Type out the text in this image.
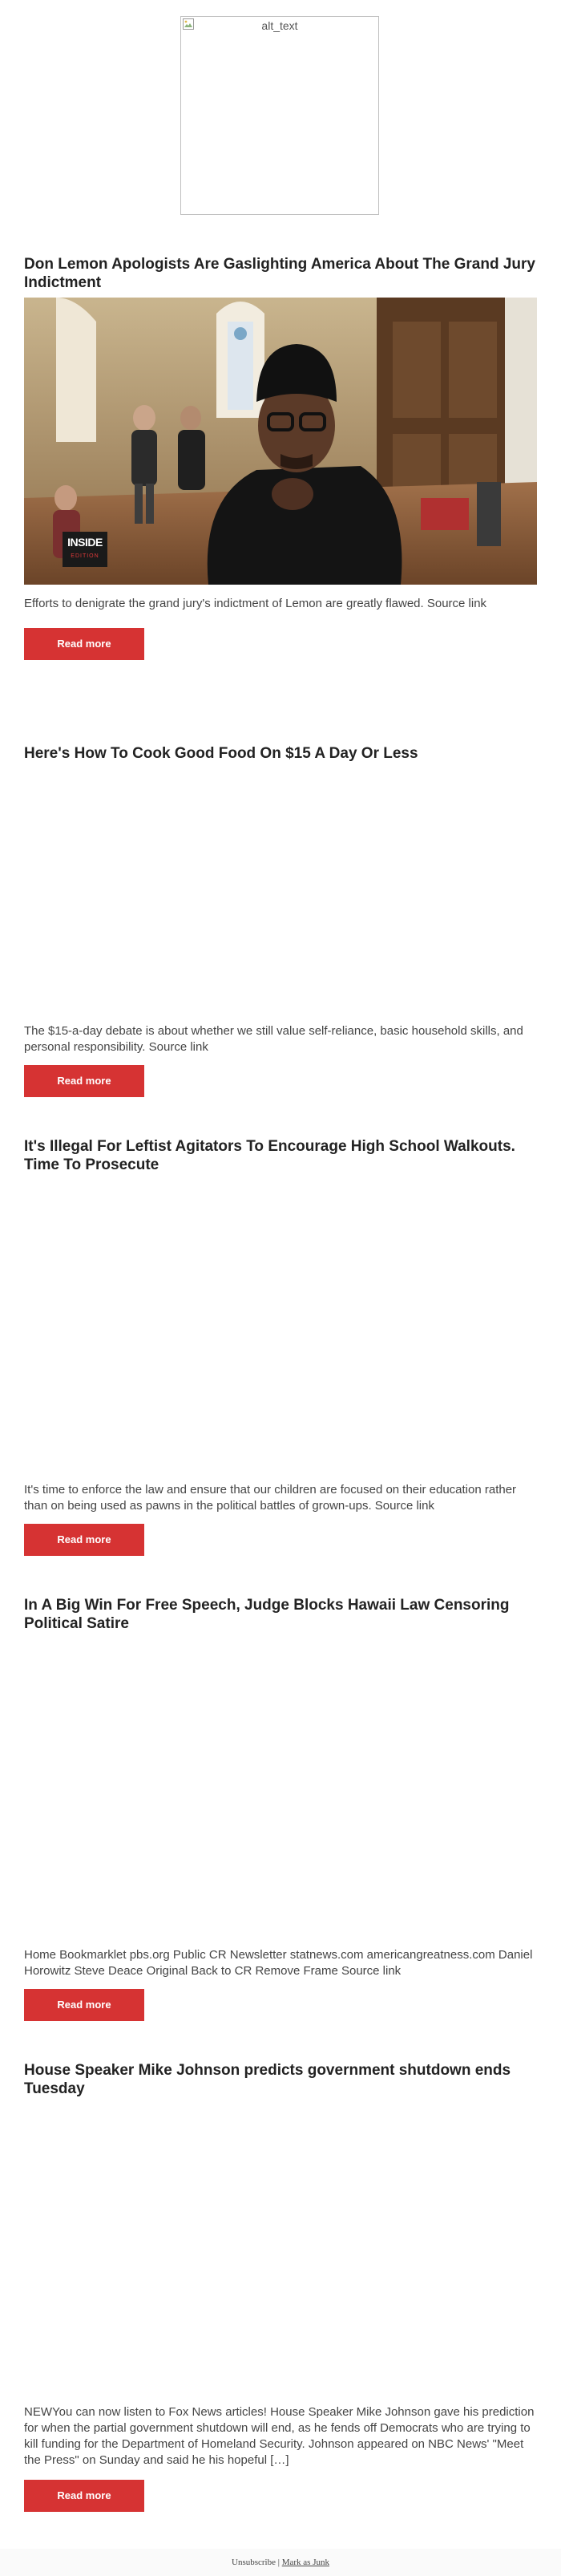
alt_text
Don Lemon Apologists Are Gaslighting America About The Grand Jury Indictment
INSIDE
EDITION

Efforts to denigrate the grand jury's indictment of Lemon are greatly flawed. Source link

Read more
Here's How To Cook Good Food On $15 A Day Or Less

The $15-a-day debate is about whether we still value self-reliance, basic household skills, and personal responsibility. Source link

Read more
It's Illegal For Leftist Agitators To Encourage High School Walkouts. Time To Prosecute

It's time to enforce the law and ensure that our children are focused on their education rather than on being used as pawns in the political battles of grown-ups. Source link

Read more
In A Big Win For Free Speech, Judge Blocks Hawaii Law Censoring Political Satire

Home Bookmarklet pbs.org Public CR Newsletter statnews.com americangreatness.com Daniel Horowitz Steve Deace Original Back to CR Remove Frame Source link

Read more
House Speaker Mike Johnson predicts government shutdown ends Tuesday

NEWYou can now listen to Fox News articles! House Speaker Mike Johnson gave his prediction for when the partial government shutdown will end, as he fends off Democrats who are trying to kill funding for the Department of Homeland Security. Johnson appeared on NBC News' "Meet the Press" on Sunday and said he his hopeful […]

Read more
Unsubscribe | Mark as Junk
